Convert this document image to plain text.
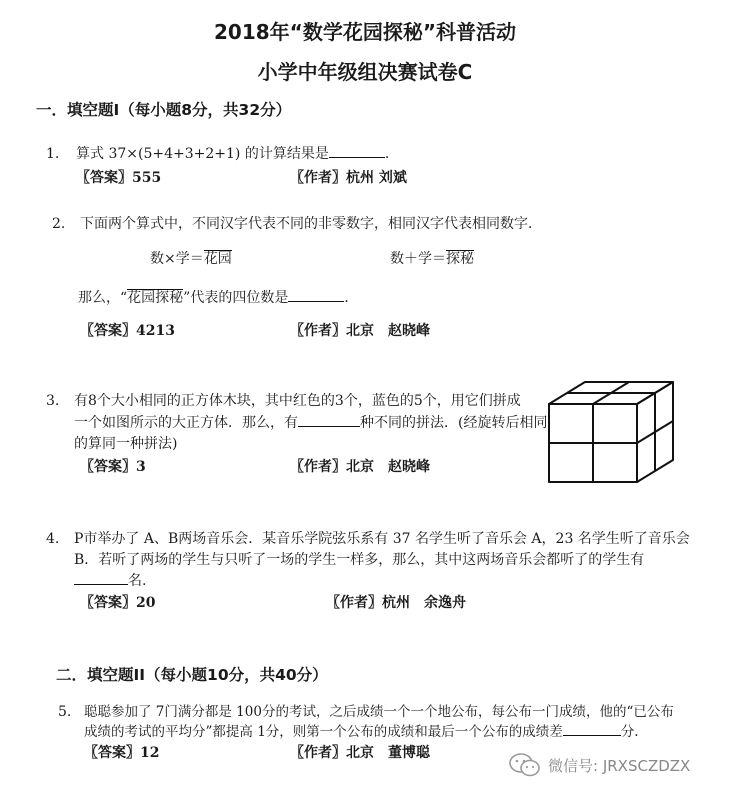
2018年“数学花园探秘”科普活动
小学中年级组决赛试卷C
一．填空题I（每小题8分，共32分）
1. 算式 37×(5+4+3+2+1) 的计算结果是	.
〖答案〗555	〖作者〗杭州 刘斌
2. 下面两个算式中，不同汉字代表不同的非零数字，相同汉字代表相同数字．
数×学＝花园	数＋学＝探秘
那么，“花园探秘”代表的四位数是	．
〖答案〗4213	〖作者〗北京　赵晓峰
3. 有8个大小相同的正方体木块，其中红色的3个，蓝色的5个，用它们拼成
一个如图所示的大正方体．那么，有	种不同的拼法．(经旋转后相同
的算同一种拼法)
〖答案〗3	〖作者〗北京　赵晓峰
4. P市举办了 A、B两场音乐会．某音乐学院弦乐系有 37 名学生听了音乐会 A，23 名学生听了音乐会
B．若听了两场的学生与只听了一场的学生一样多，那么，其中这两场音乐会都听了的学生有
名.
〖答案〗20	〖作者〗杭州　余逸舟
二．填空题II（每小题10分，共40分）
5. 聪聪参加了 7门满分都是 100分的考试，之后成绩一个一个地公布，每公布一门成绩，他的“已公布
成绩的考试的平均分”都提高 1分，则第一个公布的成绩和最后一个公布的成绩差	分.
〖答案〗12	〖作者〗北京　董博聪
微信号: JRXSCZDZX
